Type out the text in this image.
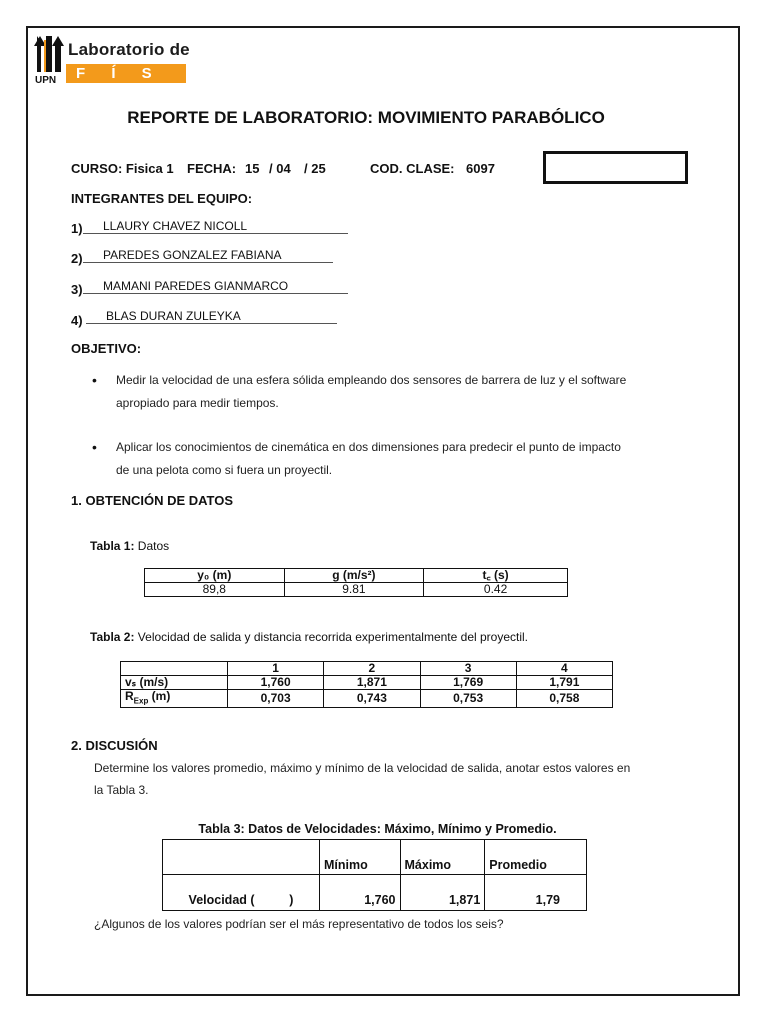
UPN
Laboratorio de
F Í S I C A
REPORTE DE LABORATORIO: MOVIMIENTO PARABÓLICO
CURSO: Fisica 1 FECHA: 15 / 04 / 25	COD. CLASE: 6097
INTEGRANTES DEL EQUIPO:
1)	LLAURY CHAVEZ NICOLL
2)	PAREDES GONZALEZ FABIANA
3)	MAMANI PAREDES GIANMARCO
4)	BLAS DURAN ZULEYKA
OBJETIVO:
• Medir la velocidad de una esfera sólida empleando dos sensores de barrera de luz y el software
apropiado para medir tiempos.
• Aplicar los conocimientos de cinemática en dos dimensiones para predecir el punto de impacto
de una pelota como si fuera un proyectil.
1. OBTENCIÓN DE DATOS
Tabla 1: Datos
y₀ (m)	g (m/s²)	t꜀ (s)
89,8	9.81	0.42
Tabla 2: Velocidad de salida y distancia recorrida experimentalmente del proyectil.
	1	2	3	4
vₛ (m/s)	1,760	1,871	1,769	1,791
$R_{Exp}$ (m)	0,703	0,743	0,753	0,758
2. DISCUSIÓN
Determine los valores promedio, máximo y mínimo de la velocidad de salida, anotar estos valores en
la Tabla 3.
Tabla 3: Datos de Velocidades: Máximo, Mínimo y Promedio.
	Mínimo	Máximo	Promedio
Velocidad (          )	1,760	1,871	1,79
¿Algunos de los valores podrían ser el más representativo de todos los seis?
